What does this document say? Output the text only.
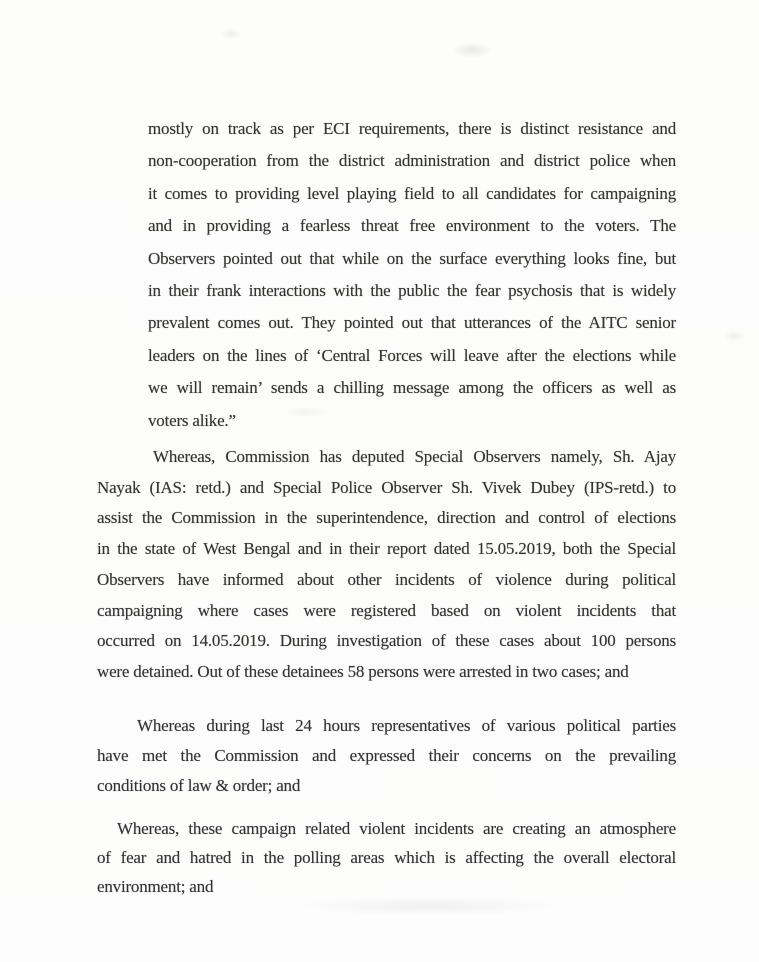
mostly on track as per ECI requirements, there is distinct resistance and
non-cooperation from the district administration and district police when
it comes to providing level playing field to all candidates for campaigning
and in providing a fearless threat free environment to the voters. The
Observers pointed out that while on the surface everything looks fine, but
in their frank interactions with the public the fear psychosis that is widely
prevalent comes out. They pointed out that utterances of the AITC senior
leaders on the lines of ‘Central Forces will leave after the elections while
we will remain’ sends a chilling message among the officers as well as
voters alike.”
Whereas, Commission has deputed Special Observers namely, Sh. Ajay
Nayak (IAS: retd.) and Special Police Observer Sh. Vivek Dubey (IPS-retd.) to
assist the Commission in the superintendence, direction and control of elections
in the state of West Bengal and in their report dated 15.05.2019, both the Special
Observers have informed about other incidents of violence during political
campaigning where cases were registered based on violent incidents that
occurred on 14.05.2019. During investigation of these cases about 100 persons
were detained. Out of these detainees 58 persons were arrested in two cases; and
Whereas during last 24 hours representatives of various political parties
have met the Commission and expressed their concerns on the prevailing
conditions of law & order; and
Whereas, these campaign related violent incidents are creating an atmosphere
of fear and hatred in the polling areas which is affecting the overall electoral
environment; and
